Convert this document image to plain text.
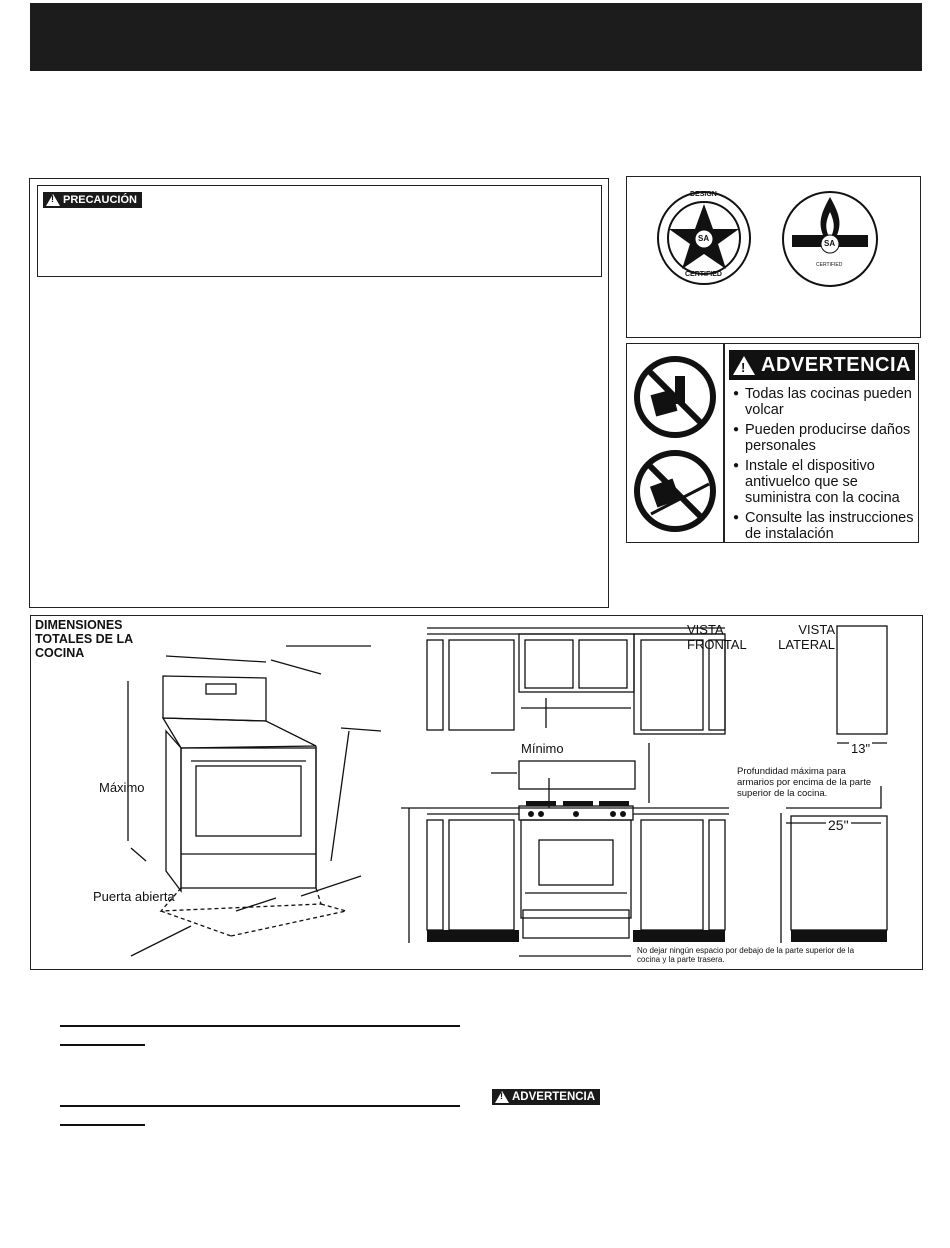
!
PRECAUCIÓN	DESIGN
CERTIFIED
SA
SA
CERTIFIED
! ADVERTENCIA
● Todas las cocinas pueden volcar
● Pueden producirse daños personales
● Instale el dispositivo antivuelco que se suministra con la cocina
● Consulte las instrucciones de instalación
DIMENSIONES TOTALES DE LA COCINA
Máximo
Puerta abierta
VISTA FRONTAL
VISTA LATERAL
13"
Mínimo
Profundidad máxima para armarios por encima de la parte superior de la cocina.
25"
No dejar ningún espacio por debajo de la parte superior de la cocina y la parte trasera.
!
ADVERTENCIA
